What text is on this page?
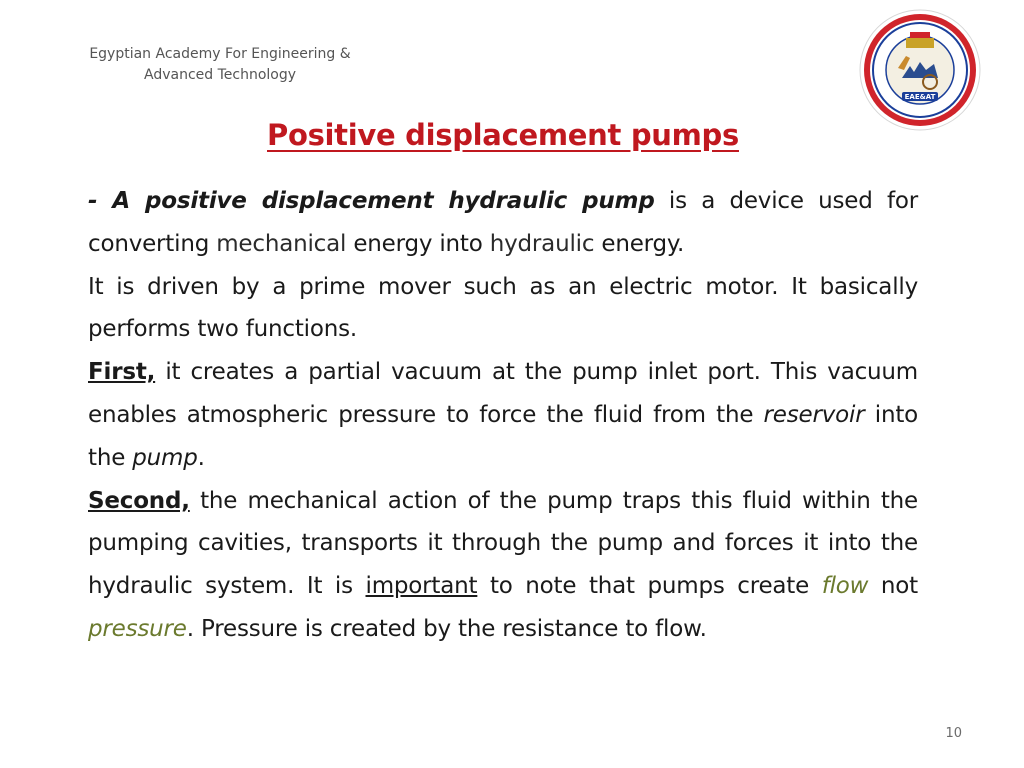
Egyptian Academy For Engineering &
Advanced Technology
EAE&AT
Positive displacement pumps

- A positive displacement hydraulic pump is a device used for converting mechanical energy into hydraulic energy.

It is driven by a prime mover such as an electric motor. It basically performs two functions.

First, it creates a partial vacuum at the pump inlet port. This vacuum enables atmospheric pressure to force the fluid from the reservoir into the pump.

Second, the mechanical action of the pump traps this fluid within the pumping cavities, transports it through the pump and forces it into the hydraulic system. It is important to note that pumps create flow not pressure. Pressure is created by the resistance to flow.

10
